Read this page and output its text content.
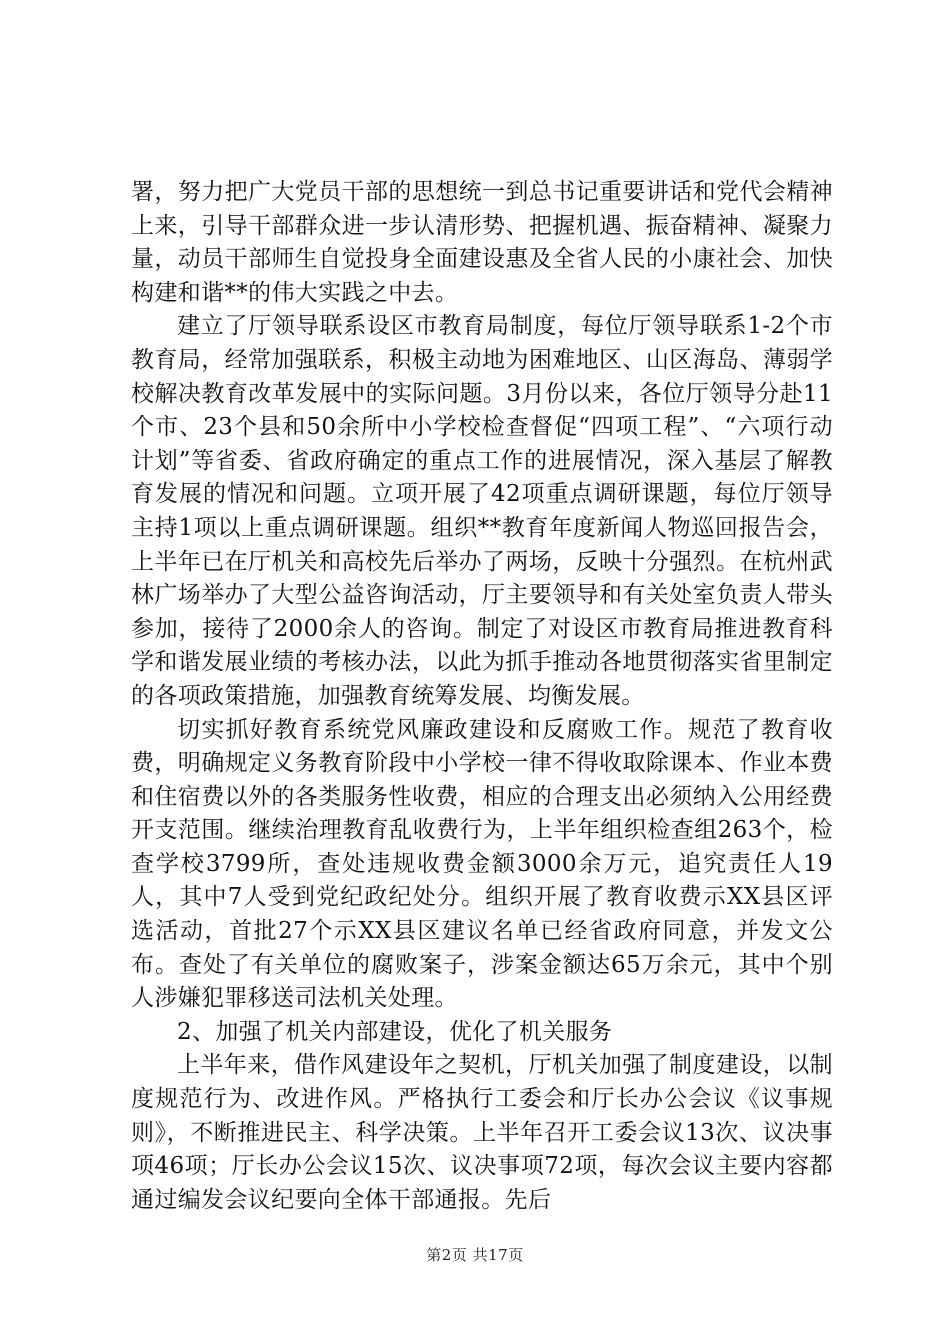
署，努力把广大党员干部的思想统一到总书记重要讲话和党代会精神上来，引导干部群众进一步认清形势、把握机遇、振奋精神、凝聚力量，动员干部师生自觉投身全面建设惠及全省人民的小康社会、加快构建和谐**的伟大实践之中去。

建立了厅领导联系设区市教育局制度，每位厅领导联系1-2个市教育局，经常加强联系，积极主动地为困难地区、山区海岛、薄弱学校解决教育改革发展中的实际问题。3月份以来，各位厅领导分赴11个市、23个县和50余所中小学校检查督促“四项工程”、“六项行动计划”等省委、省政府确定的重点工作的进展情况，深入基层了解教育发展的情况和问题。立项开展了42项重点调研课题，每位厅领导主持1项以上重点调研课题。组织**教育年度新闻人物巡回报告会，上半年已在厅机关和高校先后举办了两场，反映十分强烈。在杭州武林广场举办了大型公益咨询活动，厅主要领导和有关处室负责人带头参加，接待了2000余人的咨询。制定了对设区市教育局推进教育科学和谐发展业绩的考核办法，以此为抓手推动各地贯彻落实省里制定的各项政策措施，加强教育统筹发展、均衡发展。

切实抓好教育系统党风廉政建设和反腐败工作。规范了教育收费，明确规定义务教育阶段中小学校一律不得收取除课本、作业本费和住宿费以外的各类服务性收费，相应的合理支出必须纳入公用经费开支范围。继续治理教育乱收费行为，上半年组织检查组263个，检查学校3799所，查处违规收费金额3000余万元，追究责任人19人，其中7人受到党纪政纪处分。组织开展了教育收费示XX县区评选活动，首批27个示XX县区建议名单已经省政府同意，并发文公布。查处了有关单位的腐败案子，涉案金额达65万余元，其中个别人涉嫌犯罪移送司法机关处理。

2、加强了机关内部建设，优化了机关服务

上半年来，借作风建设年之契机，厅机关加强了制度建设，以制度规范行为、改进作风。严格执行工委会和厅长办公会议《议事规则》，不断推进民主、科学决策。上半年召开工委会议13次、议决事项46项；厅长办公会议15次、议决事项72项，每次会议主要内容都通过编发会议纪要向全体干部通报。先后

第2页 共17页
